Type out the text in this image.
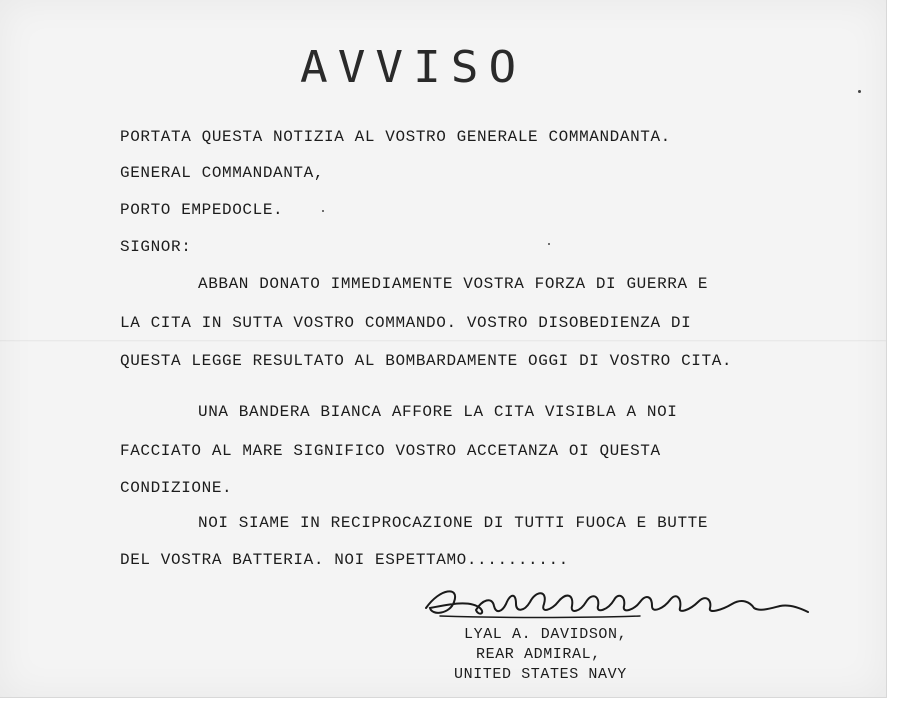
AVVISO
PORTATA QUESTA NOTIZIA AL VOSTRO GENERALE COMMANDANTA.
GENERAL COMMANDANTA,
PORTO EMPEDOCLE.
SIGNOR:
ABBAN DONATO IMMEDIAMENTE VOSTRA FORZA DI GUERRA E
LA CITA IN SUTTA VOSTRO COMMANDO. VOSTRO DISOBEDIENZA DI
QUESTA LEGGE RESULTATO AL BOMBARDAMENTE OGGI DI VOSTRO CITA.
UNA BANDERA BIANCA AFFORE LA CITA VISIBLA A NOI
FACCIATO AL MARE SIGNIFICO VOSTRO ACCETANZA OI QUESTA
CONDIZIONE.
NOI SIAME IN RECIPROCAZIONE DI TUTTI FUOCA E BUTTE
DEL VOSTRA BATTERIA. NOI ESPETTAMO..........
LYAL A. DAVIDSON,
REAR ADMIRAL,
UNITED STATES NAVY
